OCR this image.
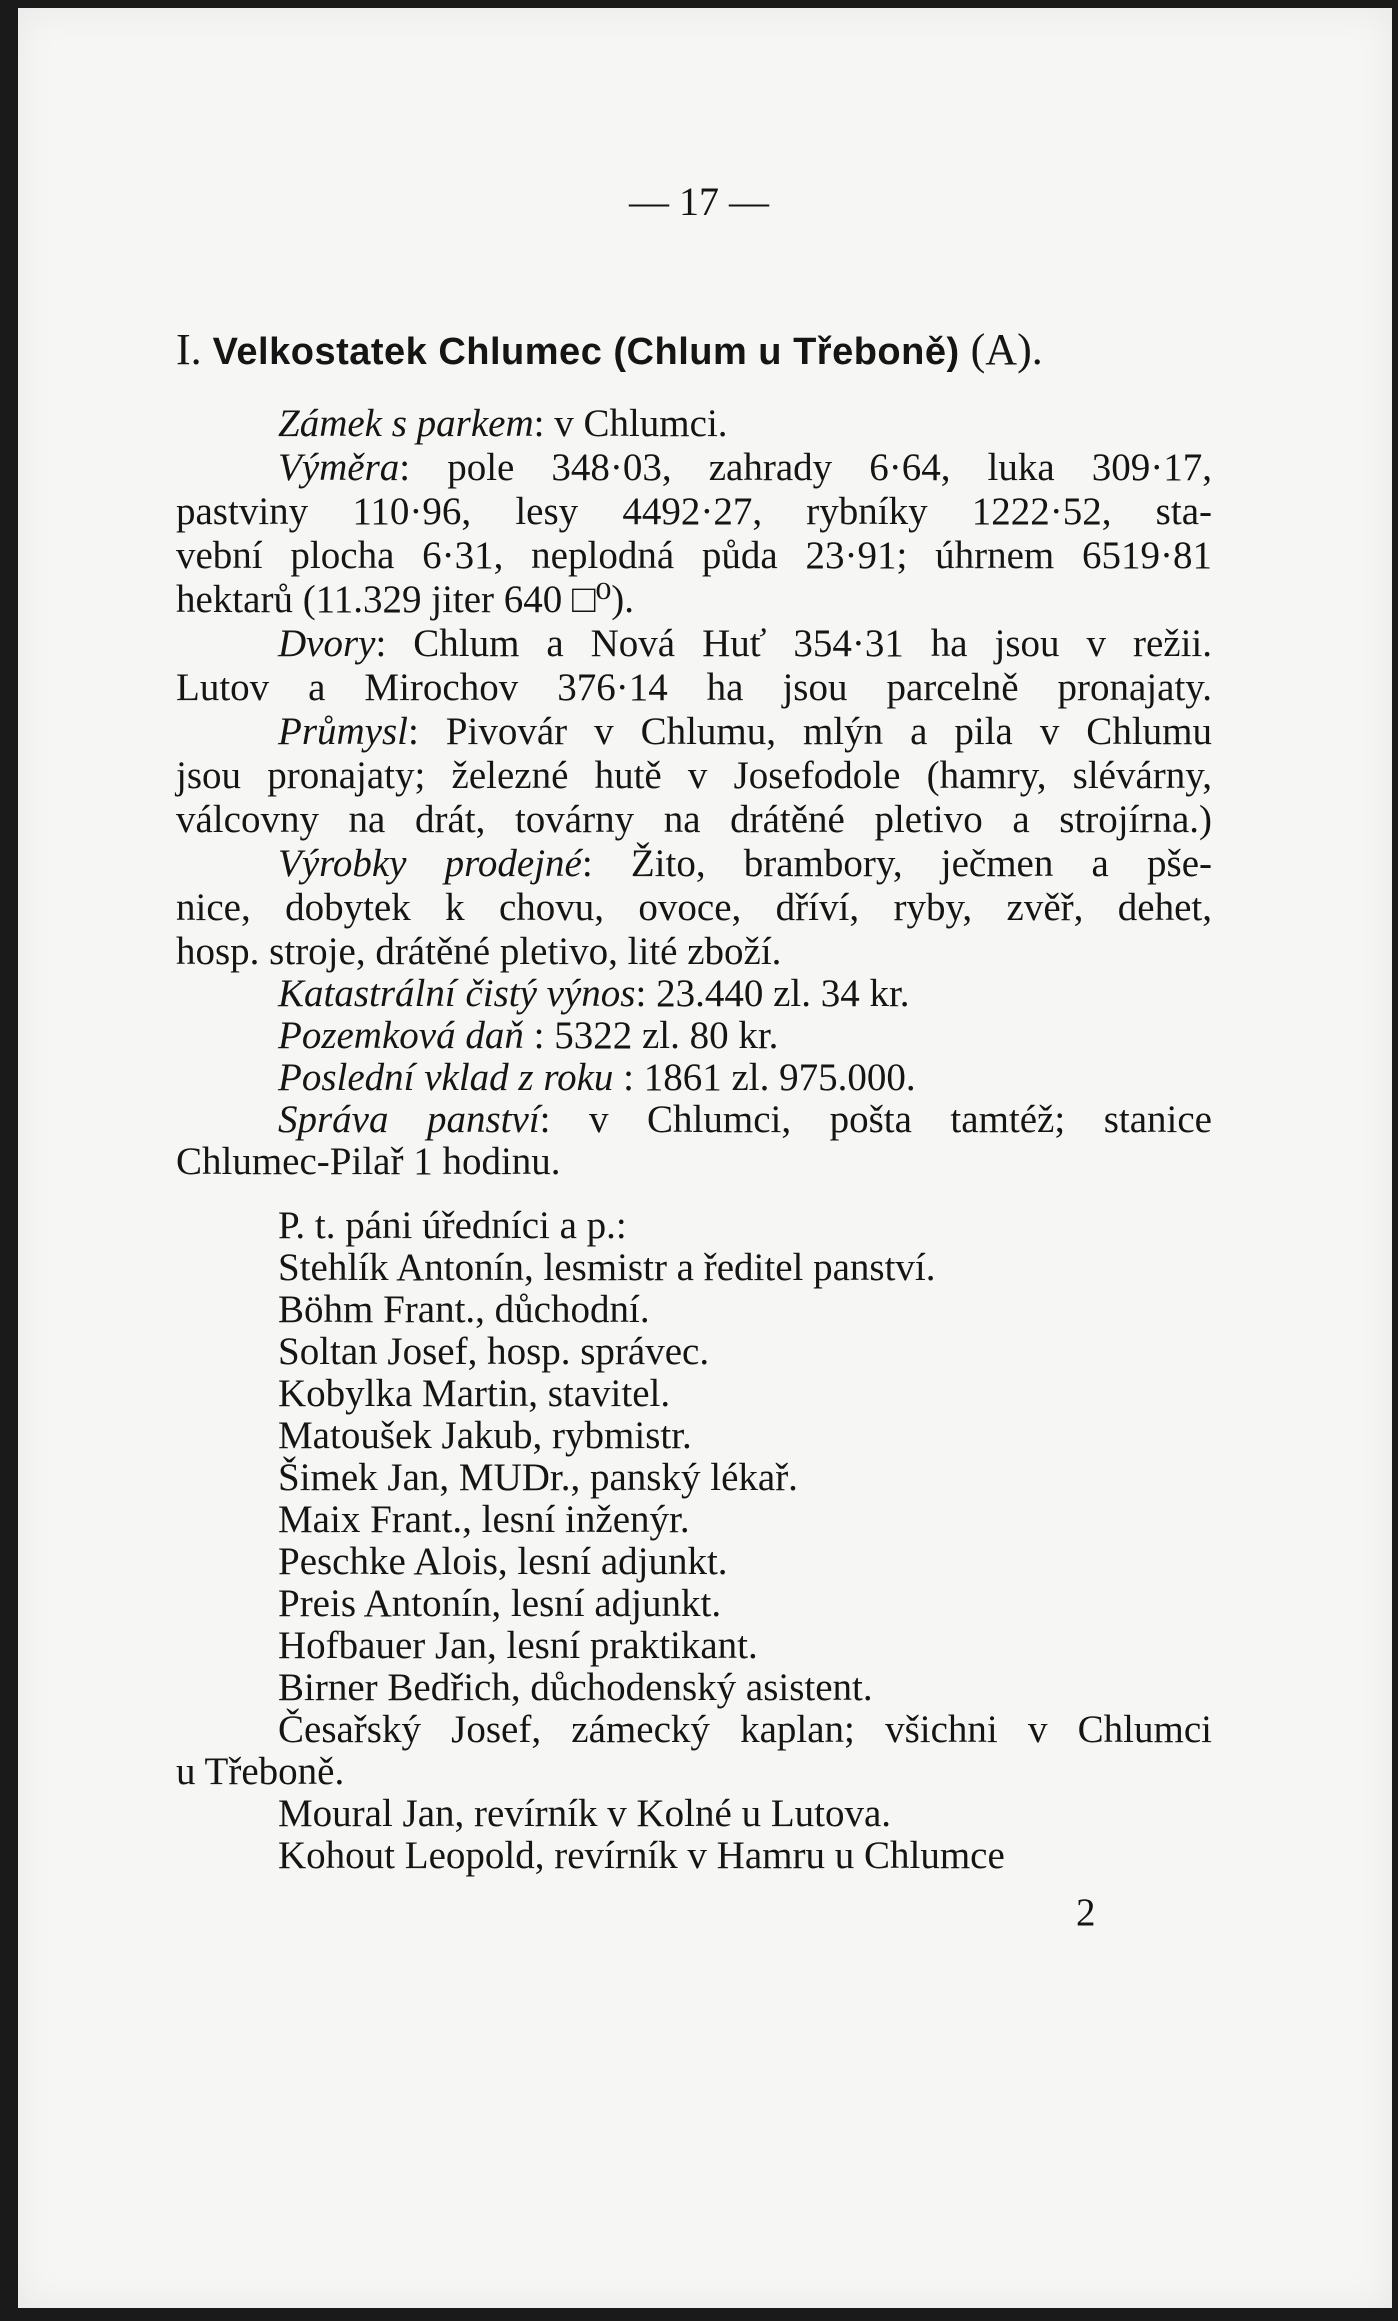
— 17 —
I. Velkostatek Chlumec (Chlum u Třeboně) (A).
Zámek s parkem: v Chlumci.
Výměra: pole 348·03, zahrady 6·64, luka 309·17,
pastviny 110·96, lesy 4492·27, rybníky 1222·52, sta-
vební plocha 6·31, neplodná půda 23·91; úhrnem 6519·81
hektarů (11.329 jiter 640 □⁰).
Dvory: Chlum a Nová Huť 354·31 ha jsou v režii.
Lutov a Mirochov 376·14 ha jsou parcelně pronajaty.
Průmysl: Pivovár v Chlumu, mlýn a pila v Chlumu
jsou pronajaty; železné hutě v Josefodole (hamry, slévárny,
válcovny na drát, továrny na drátěné pletivo a strojírna.)
Výrobky prodejné: Žito, brambory, ječmen a pše-
nice, dobytek k chovu, ovoce, dříví, ryby, zvěř, dehet,
hosp. stroje, drátěné pletivo, lité zboží.
Katastrální čistý výnos: 23.440 zl. 34 kr.
Pozemková daň : 5322 zl. 80 kr.
Poslední vklad z roku : 1861 zl. 975.000.
Správa panství: v Chlumci, pošta tamtéž; stanice
Chlumec-Pilař 1 hodinu.
P. t. páni úředníci a p.:
Stehlík Antonín, lesmistr a ředitel panství.
Böhm Frant., důchodní.
Soltan Josef, hosp. správec.
Kobylka Martin, stavitel.
Matoušek Jakub, rybmistr.
Šimek Jan, MUDr., panský lékař.
Maix Frant., lesní inženýr.
Peschke Alois, lesní adjunkt.
Preis Antonín, lesní adjunkt.
Hofbauer Jan, lesní praktikant.
Birner Bedřich, důchodenský asistent.
Česařský Josef, zámecký kaplan; všichni v Chlumci
u Třeboně.
Moural Jan, revírník v Kolné u Lutova.
Kohout Leopold, revírník v Hamru u Chlumce
2
